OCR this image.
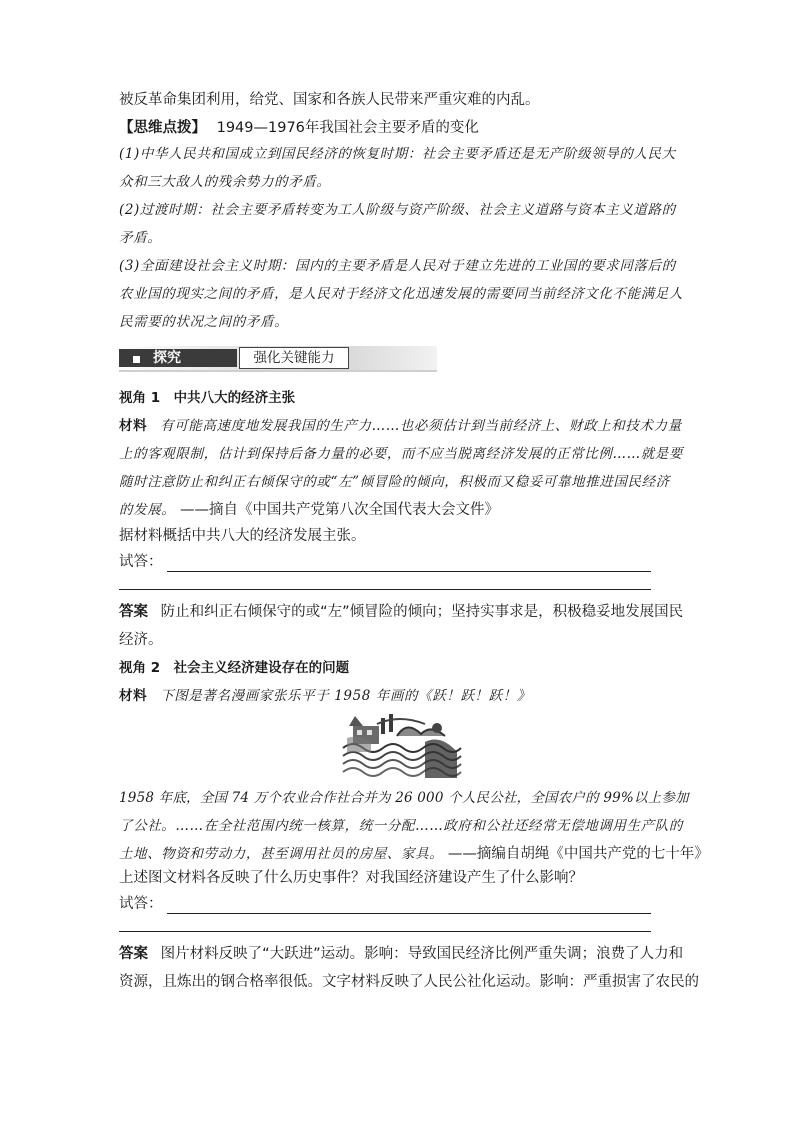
被反革命集团利用，给党、国家和各族人民带来严重灾难的内乱。
【思维点拨】 1949—1976年我国社会主要矛盾的变化
(1)中华人民共和国成立到国民经济的恢复时期：社会主要矛盾还是无产阶级领导的人民大
众和三大敌人的残余势力的矛盾。
(2)过渡时期：社会主要矛盾转变为工人阶级与资产阶级、社会主义道路与资本主义道路的
矛盾。
(3)全面建设社会主义时期：国内的主要矛盾是人民对于建立先进的工业国的要求同落后的
农业国的现实之间的矛盾，是人民对于经济文化迅速发展的需要同当前经济文化不能满足人
民需要的状况之间的矛盾。
探究	强化关键能力
视角 1　中共八大的经济主张
材料 有可能高速度地发展我国的生产力……也必须估计到当前经济上、财政上和技术力量
上的客观限制，估计到保持后备力量的必要，而不应当脱离经济发展的正常比例……就是要
随时注意防止和纠正右倾保守的或“左”倾冒险的倾向，积极而又稳妥可靠地推进国民经济
的发展。 ——摘自《中国共产党第八次全国代表大会文件》
据材料概括中共八大的经济发展主张。
试答：
答案 防止和纠正右倾保守的或“左”倾冒险的倾向；坚持实事求是，积极稳妥地发展国民
经济。
视角 2　社会主义经济建设存在的问题
材料 下图是著名漫画家张乐平于 1958 年画的《跃！跃！跃！》
1958 年底，全国 74 万个农业合作社合并为 26 000 个人民公社，全国农户的 99%以上参加
了公社。……在全社范围内统一核算，统一分配……政府和公社还经常无偿地调用生产队的
土地、物资和劳动力，甚至调用社员的房屋、家具。 ——摘编自胡绳《中国共产党的七十年》
上述图文材料各反映了什么历史事件？对我国经济建设产生了什么影响？
试答：
答案 图片材料反映了“大跃进”运动。影响：导致国民经济比例严重失调；浪费了人力和
资源，且炼出的钢合格率很低。文字材料反映了人民公社化运动。影响：严重损害了农民的
